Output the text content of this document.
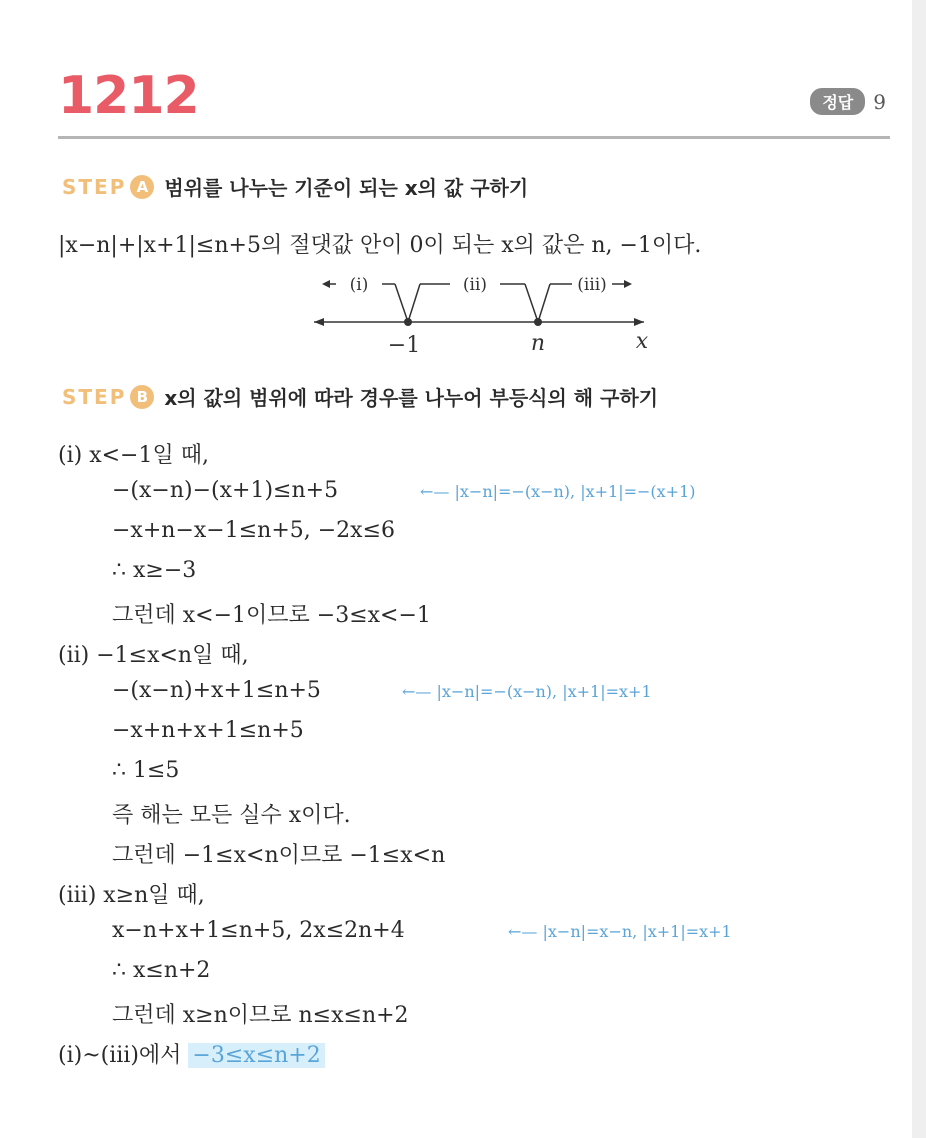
1212	정답	9
STEP A 범위를 나누는 기준이 되는 x의 값 구하기
|x−n|+|x+1|≤n+5의 절댓값 안이 0이 되는 x의 값은 n, −1이다.
(ⅰ)	(ⅱ)	(ⅲ)
−1	n	x
STEP B x의 값의 범위에 따라 경우를 나누어 부등식의 해 구하기
(ⅰ) x<−1일 때,
−(x−n)−(x+1)≤n+5	←— |x−n|=−(x−n), |x+1|=−(x+1)
−x+n−x−1≤n+5, −2x≤6
∴ x≥−3
그런데 x<−1이므로 −3≤x<−1
(ⅱ) −1≤x<n일 때,
−(x−n)+x+1≤n+5	←— |x−n|=−(x−n), |x+1|=x+1
−x+n+x+1≤n+5
∴ 1≤5
즉 해는 모든 실수 x이다.
그런데 −1≤x<n이므로 −1≤x<n
(ⅲ) x≥n일 때,
x−n+x+1≤n+5, 2x≤2n+4	←— |x−n|=x−n, |x+1|=x+1
∴ x≤n+2
그런데 x≥n이므로 n≤x≤n+2
(ⅰ)~(ⅲ)에서 −3≤x≤n+2
